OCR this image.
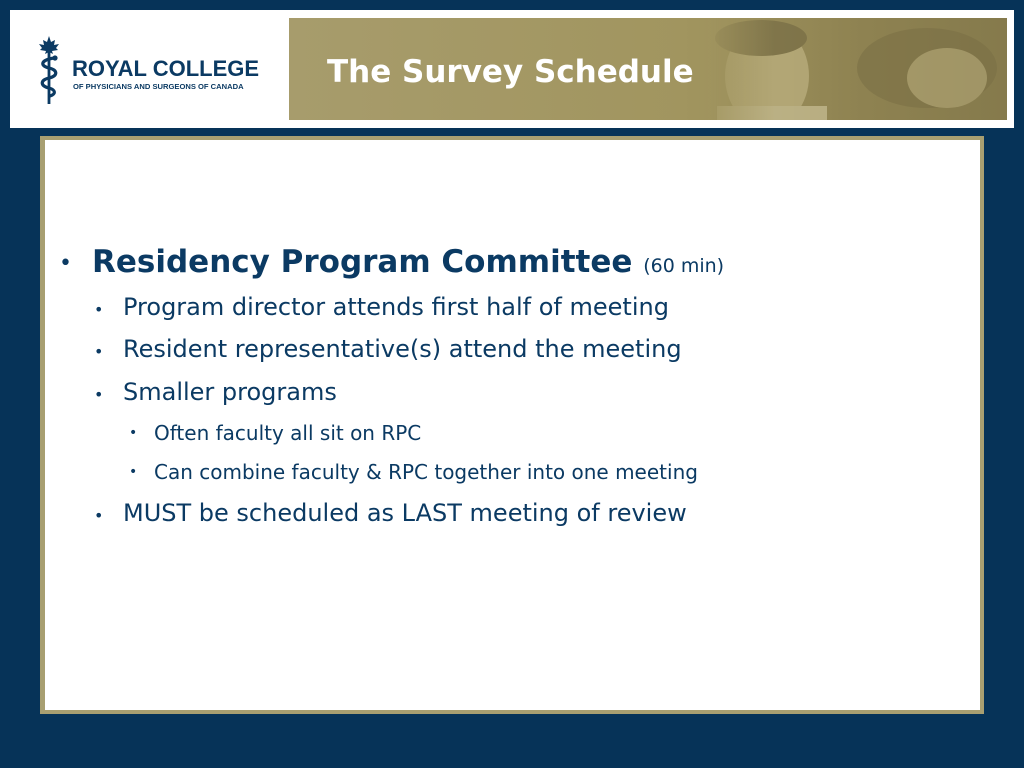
ROYAL COLLEGE
OF PHYSICIANS AND SURGEONS OF CANADA	The Survey Schedule
• Residency Program Committee (60 min)
• Program director attends first half of meeting
• Resident representative(s) attend the meeting
• Smaller programs
• Often faculty all sit on RPC
• Can combine faculty & RPC together into one meeting
• MUST be scheduled as LAST meeting of review
